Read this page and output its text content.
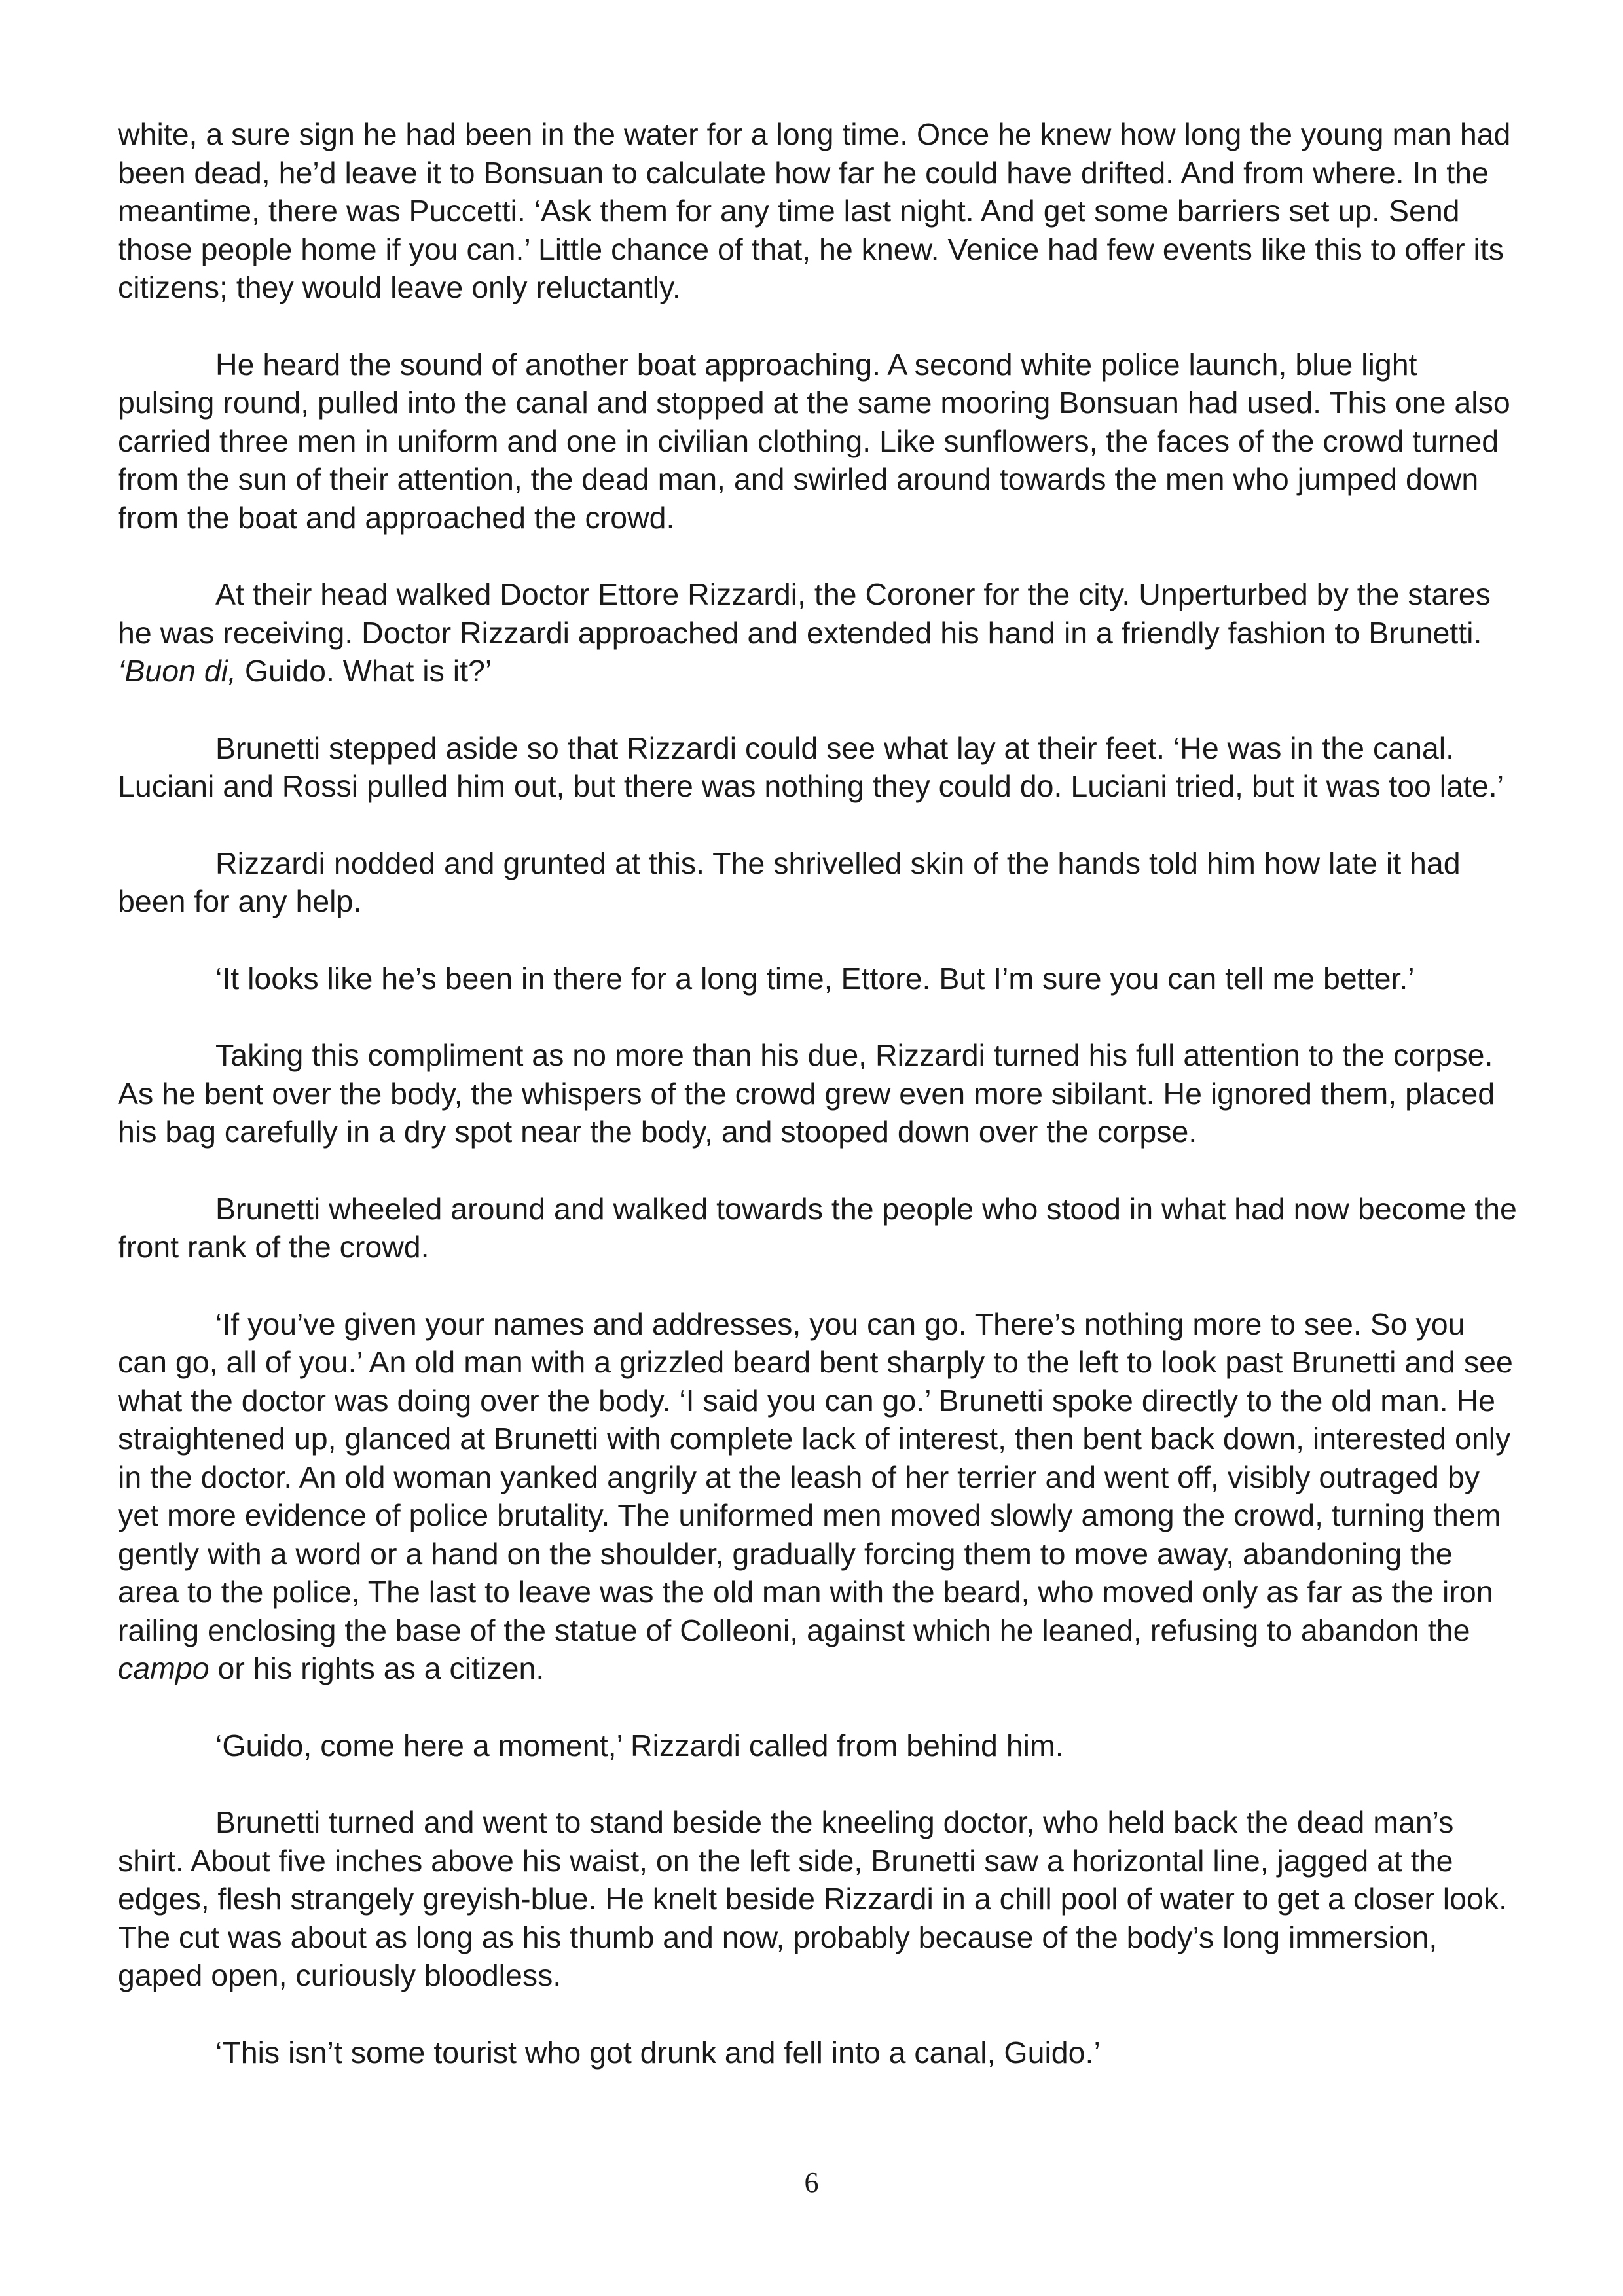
white, a sure sign he had been in the water for a long time. Once he knew how long the young man had been dead, he’d leave it to Bonsuan to calculate how far he could have drifted. And from where. In the meantime, there was Puccetti. ‘Ask them for any time last night. And get some barriers set up. Send those people home if you can.’ Little chance of that, he knew. Venice had few events like this to offer its citizens; they would leave only reluctantly.

He heard the sound of another boat approaching. A second white police launch, blue light pulsing round, pulled into the canal and stopped at the same mooring Bonsuan had used. This one also carried three men in uniform and one in civilian clothing. Like sunflowers, the faces of the crowd turned from the sun of their attention, the dead man, and swirled around towards the men who jumped down from the boat and approached the crowd.

At their head walked Doctor Ettore Rizzardi, the Coroner for the city. Unperturbed by the stares he was receiving. Doctor Rizzardi approached and extended his hand in a friendly fashion to Brunetti. ‘Buon di, Guido. What is it?’

Brunetti stepped aside so that Rizzardi could see what lay at their feet. ‘He was in the canal. Luciani and Rossi pulled him out, but there was nothing they could do. Luciani tried, but it was too late.’

Rizzardi nodded and grunted at this. The shrivelled skin of the hands told him how late it had been for any help.

‘It looks like he’s been in there for a long time, Ettore. But I’m sure you can tell me better.’

Taking this compliment as no more than his due, Rizzardi turned his full attention to the corpse. As he bent over the body, the whispers of the crowd grew even more sibilant. He ignored them, placed his bag carefully in a dry spot near the body, and stooped down over the corpse.

Brunetti wheeled around and walked towards the people who stood in what had now become the front rank of the crowd.

‘If you’ve given your names and addresses, you can go. There’s nothing more to see. So you can go, all of you.’ An old man with a grizzled beard bent sharply to the left to look past Brunetti and see what the doctor was doing over the body. ‘I said you can go.’ Brunetti spoke directly to the old man. He straightened up, glanced at Brunetti with complete lack of interest, then bent back down, interested only in the doctor. An old woman yanked angrily at the leash of her terrier and went off, visibly outraged by yet more evidence of police brutality. The uniformed men moved slowly among the crowd, turning them gently with a word or a hand on the shoulder, gradually forcing them to move away, abandoning the area to the police, The last to leave was the old man with the beard, who moved only as far as the iron railing enclosing the base of the statue of Colleoni, against which he leaned, refusing to abandon the campo or his rights as a citizen.

‘Guido, come here a moment,’ Rizzardi called from behind him.

Brunetti turned and went to stand beside the kneeling doctor, who held back the dead man’s shirt. About five inches above his waist, on the left side, Brunetti saw a horizontal line, jagged at the edges, flesh strangely greyish-blue. He knelt beside Rizzardi in a chill pool of water to get a closer look. The cut was about as long as his thumb and now, probably because of the body’s long immersion, gaped open, curiously bloodless.

‘This isn’t some tourist who got drunk and fell into a canal, Guido.’

6
